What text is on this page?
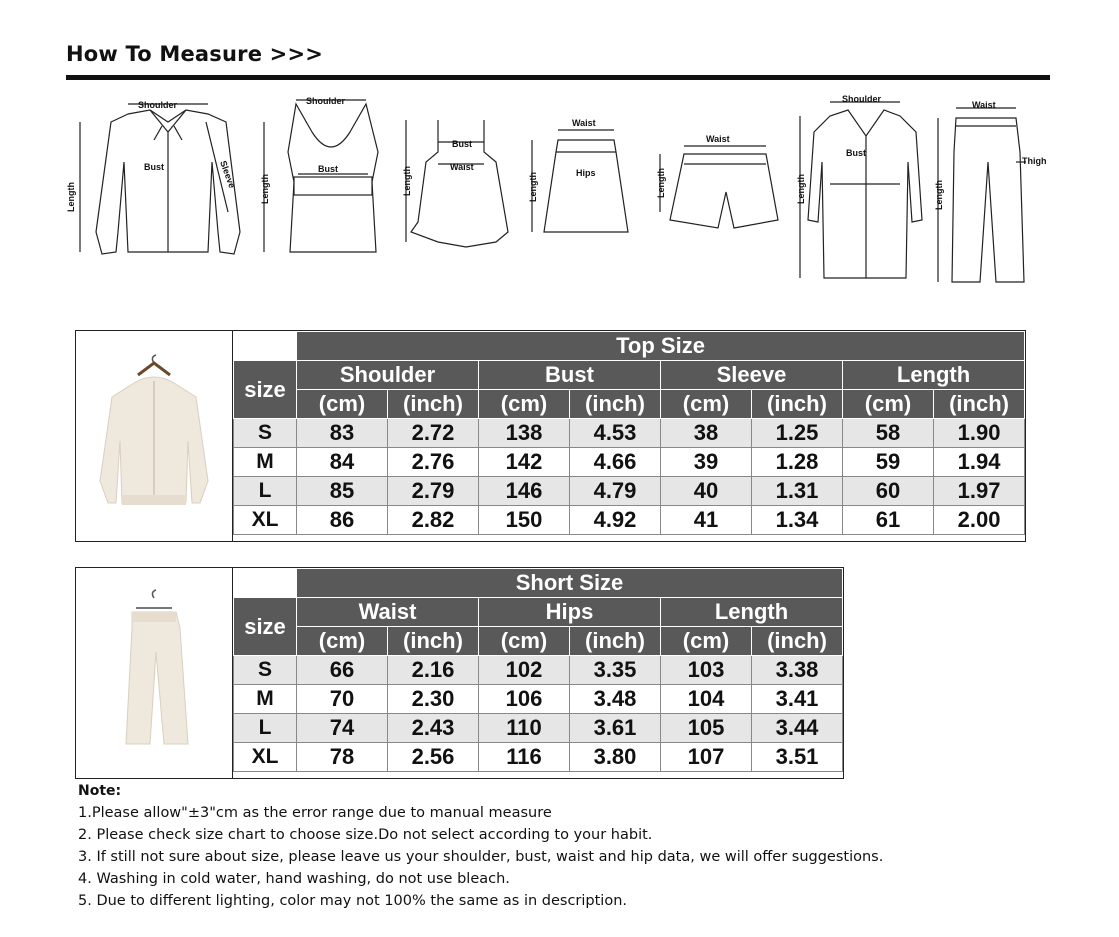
How To Measure >>>
Shoulder
Bust	Sleeve
Length
Shoulder
Bust
Length
Bust
Waist
Length
Waist
Hips
Length
Waist
Length
Shoulder
Bust
Length
Waist
Thigh
Length
	Top Size							
size	Shoulder		Bust		Sleeve		Length	
	(cm)	(inch)	(cm)	(inch)	(cm)	(inch)	(cm)	(inch)
S	83	2.72	138	4.53	38	1.25	58	1.90
M	84	2.76	142	4.66	39	1.28	59	1.94
L	85	2.79	146	4.79	40	1.31	60	1.97
XL	86	2.82	150	4.92	41	1.34	61	2.00
	Short Size					
size	Waist		Hips		Length	
	(cm)	(inch)	(cm)	(inch)	(cm)	(inch)
S	66	2.16	102	3.35	103	3.38
M	70	2.30	106	3.48	104	3.41
L	74	2.43	110	3.61	105	3.44
XL	78	2.56	116	3.80	107	3.51
Note:
1.Please allow"±3"cm as the error range due to manual measure
2. Please check size chart to choose size.Do not select according to your habit.
3. If still not sure about size, please leave us your shoulder, bust, waist and hip data, we will offer suggestions.
4. Washing in cold water, hand washing, do not use bleach.
5. Due to different lighting, color may not 100% the same as in description.
